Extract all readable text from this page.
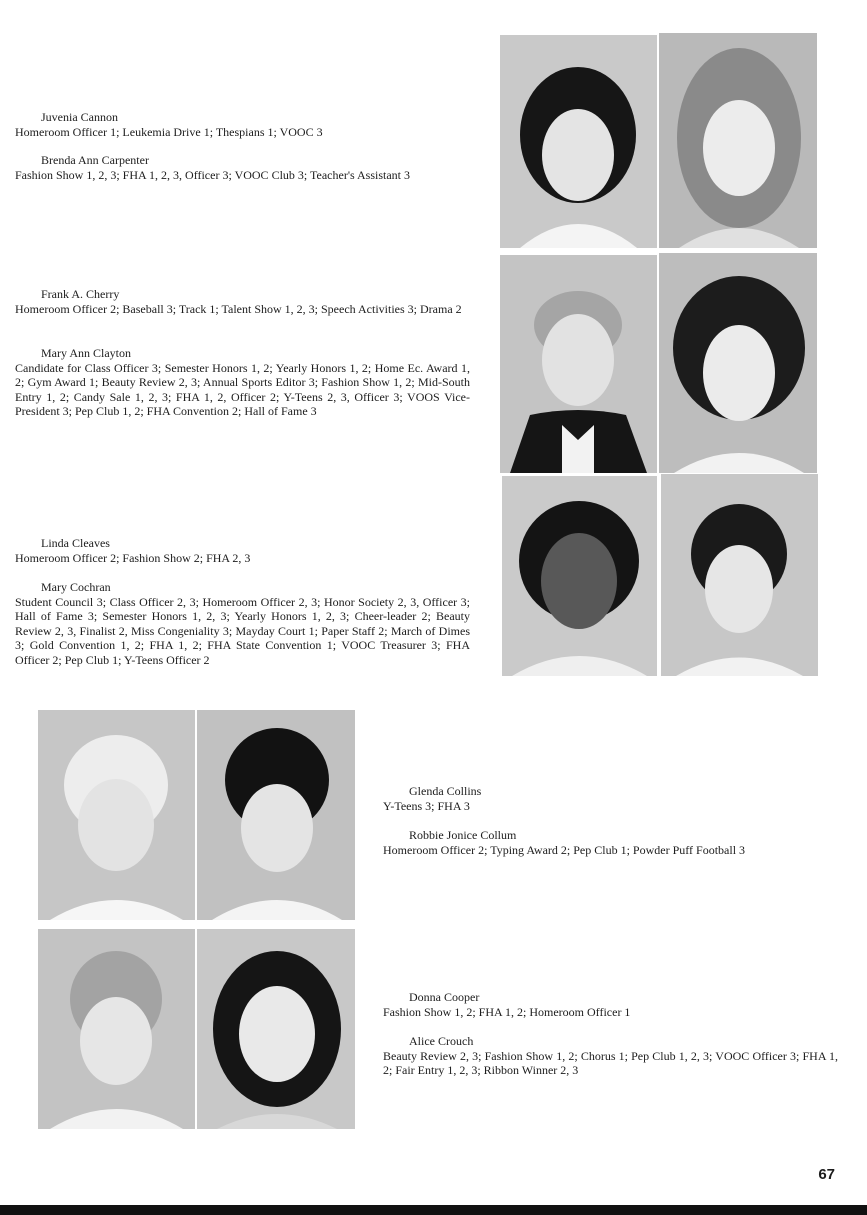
Juvenia Cannon
Homeroom Officer 1; Leukemia Drive 1; Thespians 1; VOOC 3
Brenda Ann Carpenter
Fashion Show 1, 2, 3; FHA 1, 2, 3, Officer 3; VOOC Club 3; Teacher's Assistant 3
Frank A. Cherry
Homeroom Officer 2; Baseball 3; Track 1; Talent Show 1, 2, 3; Speech Activities 3; Drama 2
Mary Ann Clayton
Candidate for Class Officer 3; Semester Honors 1, 2; Yearly Honors 1, 2; Home Ec. Award 1, 2; Gym Award 1; Beauty Review 2, 3; Annual Sports Editor 3; Fashion Show 1, 2; Mid-South Entry 1, 2; Candy Sale 1, 2, 3; FHA 1, 2, Officer 2; Y-Teens 2, 3, Officer 3; VOOS Vice-President 3; Pep Club 1, 2; FHA Convention 2; Hall of Fame 3
Linda Cleaves
Homeroom Officer 2; Fashion Show 2; FHA 2, 3
Mary Cochran
Student Council 3; Class Officer 2, 3; Homeroom Officer 2, 3; Honor Society 2, 3, Officer 3; Hall of Fame 3; Semester Honors 1, 2, 3; Yearly Honors 1, 2, 3; Cheer-leader 2; Beauty Review 2, 3, Finalist 2, Miss Congeniality 3; Mayday Court 1; Paper Staff 2; March of Dimes 3; Gold Convention 1, 2; FHA 1, 2; FHA State Convention 1; VOOC Treasurer 3; FHA Officer 2; Pep Club 1; Y-Teens Officer 2
Glenda Collins
Y-Teens 3; FHA 3
Robbie Jonice Collum
Homeroom Officer 2; Typing Award 2; Pep Club 1; Powder Puff Football 3
Donna Cooper
Fashion Show 1, 2; FHA 1, 2; Homeroom Officer 1
Alice Crouch
Beauty Review 2, 3; Fashion Show 1, 2; Chorus 1; Pep Club 1, 2, 3; VOOC Officer 3; FHA 1, 2; Fair Entry 1, 2, 3; Ribbon Winner 2, 3
67
